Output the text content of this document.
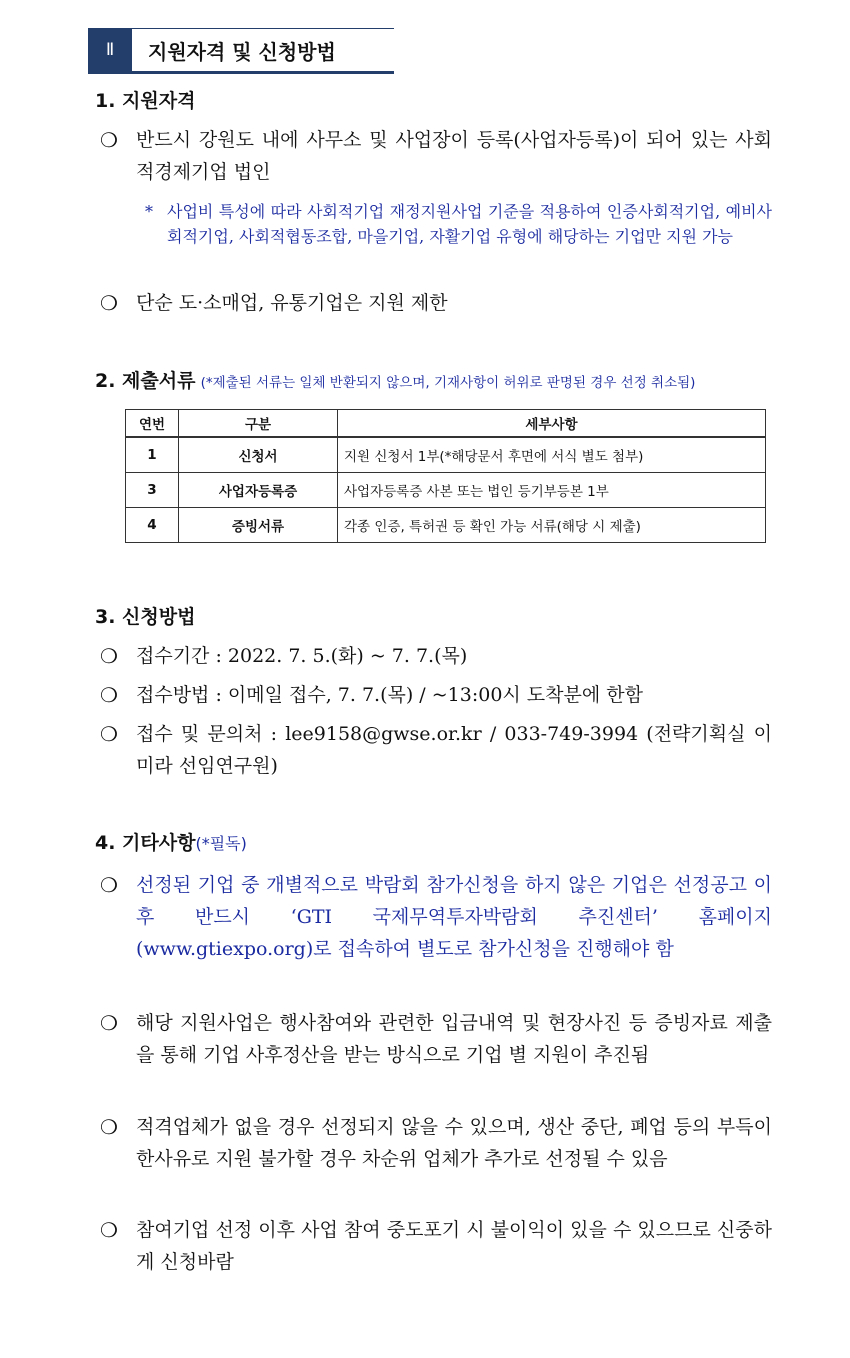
Ⅱ	지원자격 및 신청방법
1. 지원자격
❍ 반드시 강원도 내에 사무소 및 사업장이 등록(사업자등록)이 되어 있는 사회적경제기업 법인
* 사업비 특성에 따라 사회적기업 재정지원사업 기준을 적용하여 인증사회적기업, 예비사회적기업, 사회적협동조합, 마을기업, 자활기업 유형에 해당하는 기업만 지원 가능
❍ 단순 도·소매업, 유통기업은 지원 제한
2. 제출서류 (*제출된 서류는 일체 반환되지 않으며, 기재사항이 허위로 판명된 경우 선정 취소됨)
연번	구분	세부사항
1	신청서	지원 신청서 1부(*해당문서 후면에 서식 별도 첨부)
3	사업자등록증	사업자등록증 사본 또는 법인 등기부등본 1부
4	증빙서류	각종 인증, 특허권 등 확인 가능 서류(해당 시 제출)
3. 신청방법
❍ 접수기간 : 2022. 7. 5.(화) ~ 7. 7.(목)
❍ 접수방법 : 이메일 접수, 7. 7.(목) / ~13:00시 도착분에 한함
❍ 접수 및 문의처 : lee9158@gwse.or.kr / 033-749-3994 (전략기획실 이미라 선임연구원)
4. 기타사항(*필독)
❍ 선정된 기업 중 개별적으로 박람회 참가신청을 하지 않은 기업은 선정공고 이후 반드시 ‘GTI 국제무역투자박람회 추진센터’ 홈페이지(www.gtiexpo.org)로 접속하여 별도로 참가신청을 진행해야 함
❍ 해당 지원사업은 행사참여와 관련한 입금내역 및 현장사진 등 증빙자료 제출을 통해 기업 사후정산을 받는 방식으로 기업 별 지원이 추진됨
❍ 적격업체가 없을 경우 선정되지 않을 수 있으며, 생산 중단, 폐업 등의 부득이한사유로 지원 불가할 경우 차순위 업체가 추가로 선정될 수 있음
❍ 참여기업 선정 이후 사업 참여 중도포기 시 불이익이 있을 수 있으므로 신중하게 신청바람
